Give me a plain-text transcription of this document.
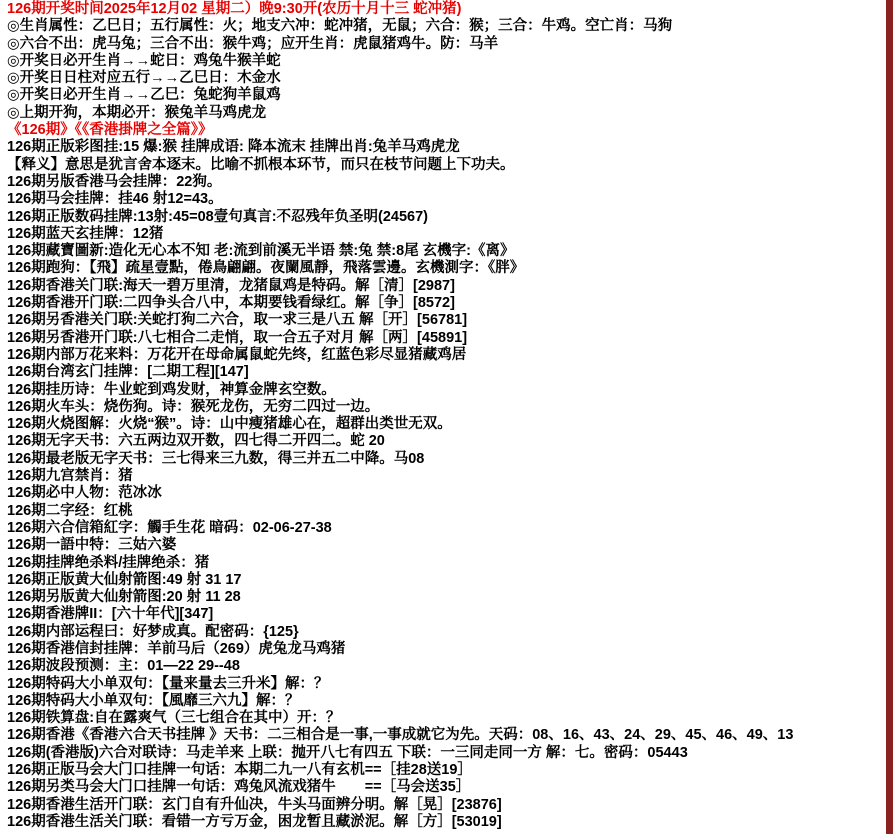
126期开奖时间2025年12月02 星期二）晚9:30开(农历十月十三 蛇冲猪)
◎生肖属性：乙巳日；五行属性：火；地支六冲：蛇冲猪，无鼠；六合：猴；三合：牛鸡。空亡肖：马狗
◎六合不出：虎马兔；三合不出：猴牛鸡；应开生肖：虎鼠猪鸡牛。防：马羊
◎开奖日必开生肖→→蛇日：鸡兔牛猴羊蛇
◎开奖日日柱对应五行→→乙巳日：木金水
◎开奖日必开生肖→→乙巳：兔蛇狗羊鼠鸡
◎上期开狗，本期必开：猴兔羊马鸡虎龙
《126期》《《香港掛牌之全篇》》
126期正版彩图挂:15 爆:猴 挂牌成语: 降本流末 挂牌出肖:兔羊马鸡虎龙
【释义】意思是犹言舍本逐末。比喻不抓根本环节，而只在枝节问题上下功夫。
126期另版香港马会挂牌：22狗。
126期马会挂牌：挂46 射12=43。
126期正版数码挂牌:13射:45=08壹句真言:不忍残年负圣明(24567)
126期蓝天玄挂牌：12猪
126期藏寶圖新:造化无心本不知 老:流到前溪无半语 禁:兔 禁:8尾 玄機字:《离》
126期跑狗：【飛】疏星壹點，倦鳥翩翩。夜闌風靜，飛落雲邊。玄機測字：《胖》
126期香港关门联:海天一碧万里清，龙猪鼠鸡是特码。解［清］[2987]
126期香港开门联:二四争头合八中，本期要钱看绿红。解［争］[8572]
126期另香港关门联:关蛇打狗二六合，取一求三是八五 解［开］[56781]
126期另香港开门联:八七相合二走悄，取一合五子对月 解［两］[45891]
126期内部万花来料：万花开在母命属鼠蛇先终，红蓝色彩尽显猪藏鸡居
126期台湾玄门挂牌：[二期工程][147]
126期挂历诗：牛业蛇到鸡发财，神算金牌玄空数。
126期火车头：烧伤狗。诗：猴死龙伤，无穷二四过一边。
126期火烧图解：火烧“猴”。诗：山中瘦猪雄心在，超群出类世无双。
126期无字天书：六五两边双开数，四七得二开四二。蛇 20
126期最老版无字天书：三七得来三九数，得三并五二中降。马08
126期九宫禁肖：猪
126期必中人物：范冰冰
126期二字经：红桃
126期六合信箱紅字：觸手生花 暗码：02-06-27-38
126期一語中特：三姑六婆
126期挂牌绝杀料/挂牌绝杀：猪
126期正版黄大仙射箭图:49 射 31 17
126期另版黄大仙射箭图:20 射 11 28
126期香港牌II：[六十年代][347]
126期内部运程曰：好梦成真。配密码：{125}
126期香港信封挂牌：羊前马后（269）虎兔龙马鸡猪
126期波段预测：主：01—22 29--48
126期特码大小单双句：【量来量去三升米】解：？
126期特码大小单双句：【風靡三六九】解：？
126期铁算盘:自在露爽气（三七组合在其中）开：？
126期香港《香港六合天书挂牌 》天书：二三相合是一事,一事成就它为先。天码：08、16、43、24、29、45、46、49、13
126期(香港版)六合对联诗：马走羊来 上联：抛开八七有四五 下联：一三同走同一方 解：七。密码：05443
126期正版马会大门口挂牌一句话：本期二九一八有玄机==［挂28送19］
126期另类马会大门口挂牌一句话：鸡兔风流戏猪牛　　==［马会送35］
126期香港生活开门联：玄门自有升仙决，牛头马面辨分明。解［晃］[23876]
126期香港生活关门联：看错一方亏万金，困龙暂且藏淤泥。解［方］[53019]
